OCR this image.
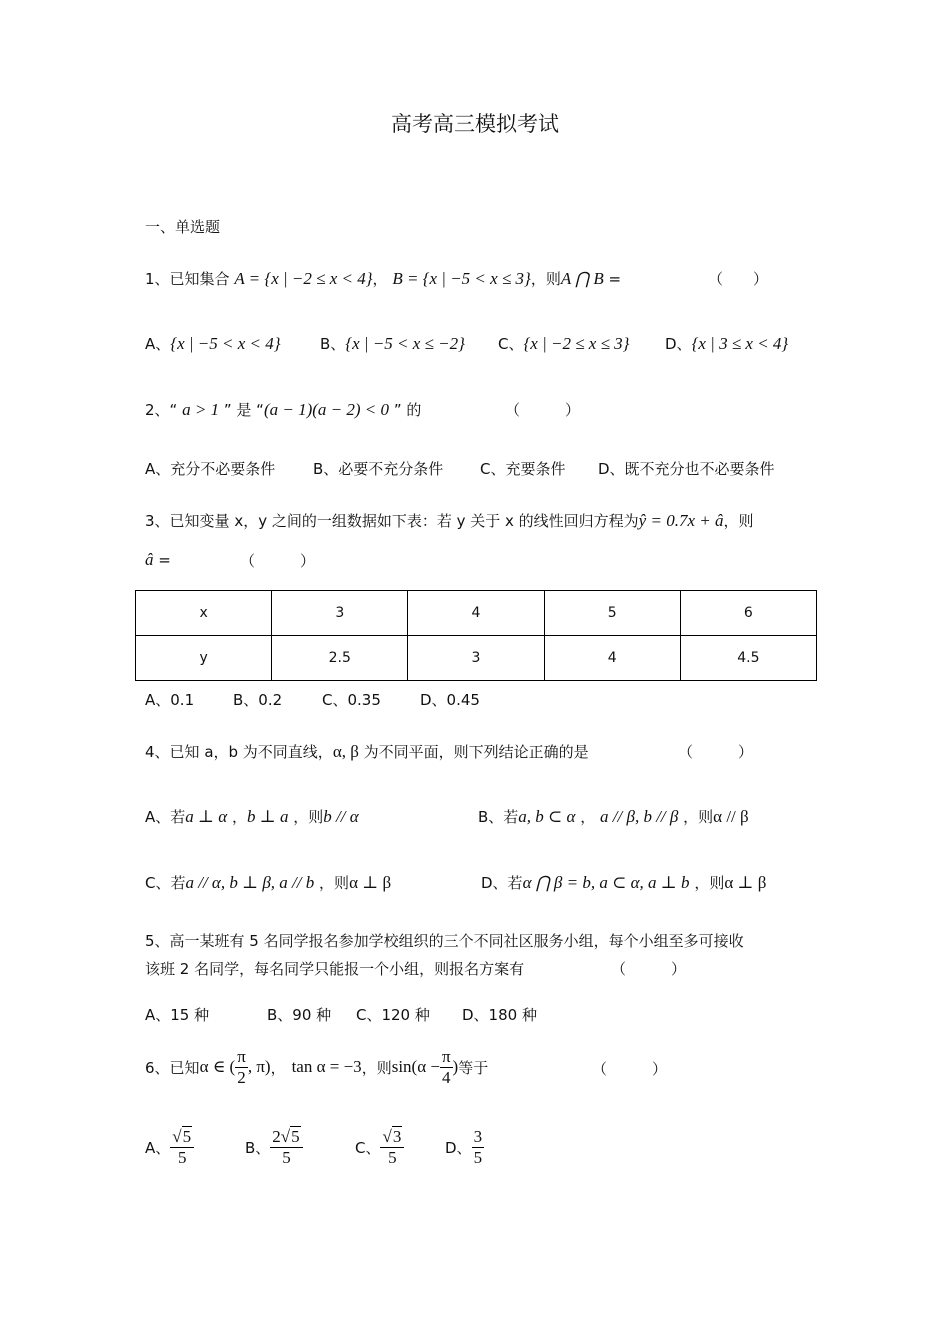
高考高三模拟考试
一、单选题
1、已知集合 A = {x | −2 ≤ x < 4}， B = {x | −5 < x ≤ 3}，则A ⋂ B =	（　　）
A、{x | −5 < x < 4}	B、{x | −5 < x ≤ −2} C、{x | −2 ≤ x ≤ 3} D、{x | 3 ≤ x < 4}
2、“ a > 1 ” 是 “(a − 1)(a − 2) < 0 ” 的	（　　　）
A、充分不必要条件	B、必要不充分条件 C、充要条件 D、既不充分也不必要条件
3、已知变量 x，y 之间的一组数据如下表：若 y 关于 x 的线性回归方程为ŷ = 0.7x + â，则
â =	（　　　）
x	3	4	5	6
y	2.5	3	4	4.5
A、0.1	B、0.2	C、0.35	D、0.45
4、已知 a，b 为不同直线，α, β 为不同平面，则下列结论正确的是	（　　　）
A、若a ⊥ α ，b ⊥ a ，则b // α	B、若a, b ⊂ α ， a // β, b // β ，则α // β
C、若a // α, b ⊥ β, a // b ，则α ⊥ β	D、若α ⋂ β = b, a ⊂ α, a ⊥ b ，则α ⊥ β
5、高一某班有 5 名同学报名参加学校组织的三个不同社区服务小组，每个小组至多可接收
该班 2 名同学，每名同学只能报一个小组，则报名方案有	（　　　）
A、15 种	B、90 种 C、120 种 D、180 种
6、 已知 α ∈ ( $\frac{\pi}{2}$ , π) ， tan α = −3 ，则 $\sin(\alpha - \frac{\pi}{4}$ ) 等于	（　　　）
A、 $\frac{√5}{5}$	B、 $\frac{2√5}{5}$	C、 $\frac{√3}{5}$	D、 $\frac{3}{5}$
